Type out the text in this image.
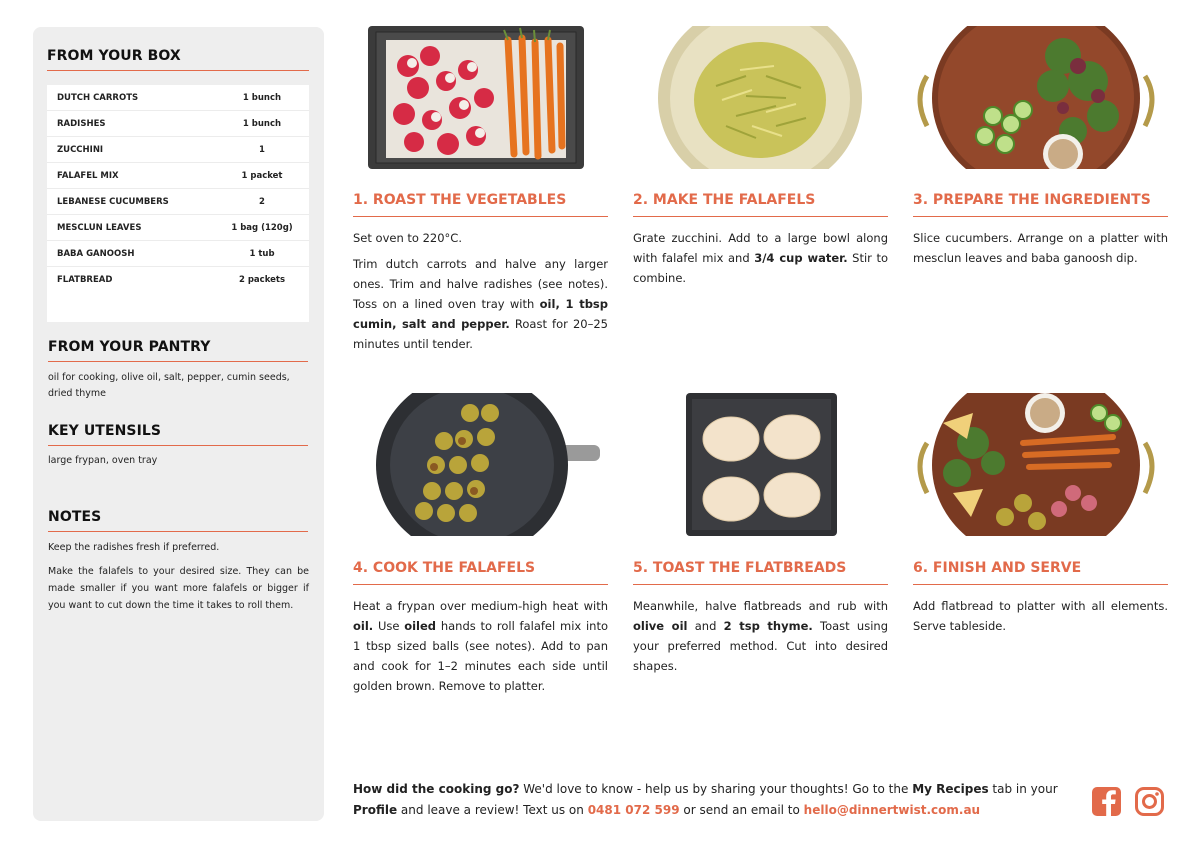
FROM YOUR BOX
DUTCH CARROTS	1 bunch
RADISHES	1 bunch
ZUCCHINI	1
FALAFEL MIX	1 packet
LEBANESE CUCUMBERS	2
MESCLUN LEAVES	1 bag (120g)
BABA GANOOSH	1 tub
FLATBREAD	2 packets
FROM YOUR PANTRY
oil for cooking, olive oil, salt, pepper, cumin seeds, dried thyme
KEY UTENSILS
large frypan, oven tray
NOTES
Keep the radishes fresh if preferred.
Make the falafels to your desired size. They can be made smaller if you want more falafels or bigger if you want to cut down the time it takes to roll them.
1. ROAST THE VEGETABLES

Set oven to 220°C.

Trim dutch carrots and halve any larger ones. Trim and halve radishes (see notes). Toss on a lined oven tray with oil, 1 tbsp cumin, salt and pepper. Roast for 20–25 minutes until tender.

2. MAKE THE FALAFELS

Grate zucchini. Add to a large bowl along with falafel mix and 3/4 cup water. Stir to combine.

3. PREPARE THE INGREDIENTS

Slice cucumbers. Arrange on a platter with mesclun leaves and baba ganoosh dip.

4. COOK THE FALAFELS

Heat a frypan over medium-high heat with oil. Use oiled hands to roll falafel mix into 1 tbsp sized balls (see notes). Add to pan and cook for 1–2 minutes each side until golden brown. Remove to platter.

5. TOAST THE FLATBREADS

Meanwhile, halve flatbreads and rub with olive oil and 2 tsp thyme. Toast using your preferred method. Cut into desired shapes.

6. FINISH AND SERVE

Add flatbread to platter with all elements. Serve tableside.

How did the cooking go? We'd love to know - help us by sharing your thoughts! Go to the My Recipes tab in your Profile and leave a review! Text us on 0481 072 599 or send an email to hello@dinnertwist.com.au
